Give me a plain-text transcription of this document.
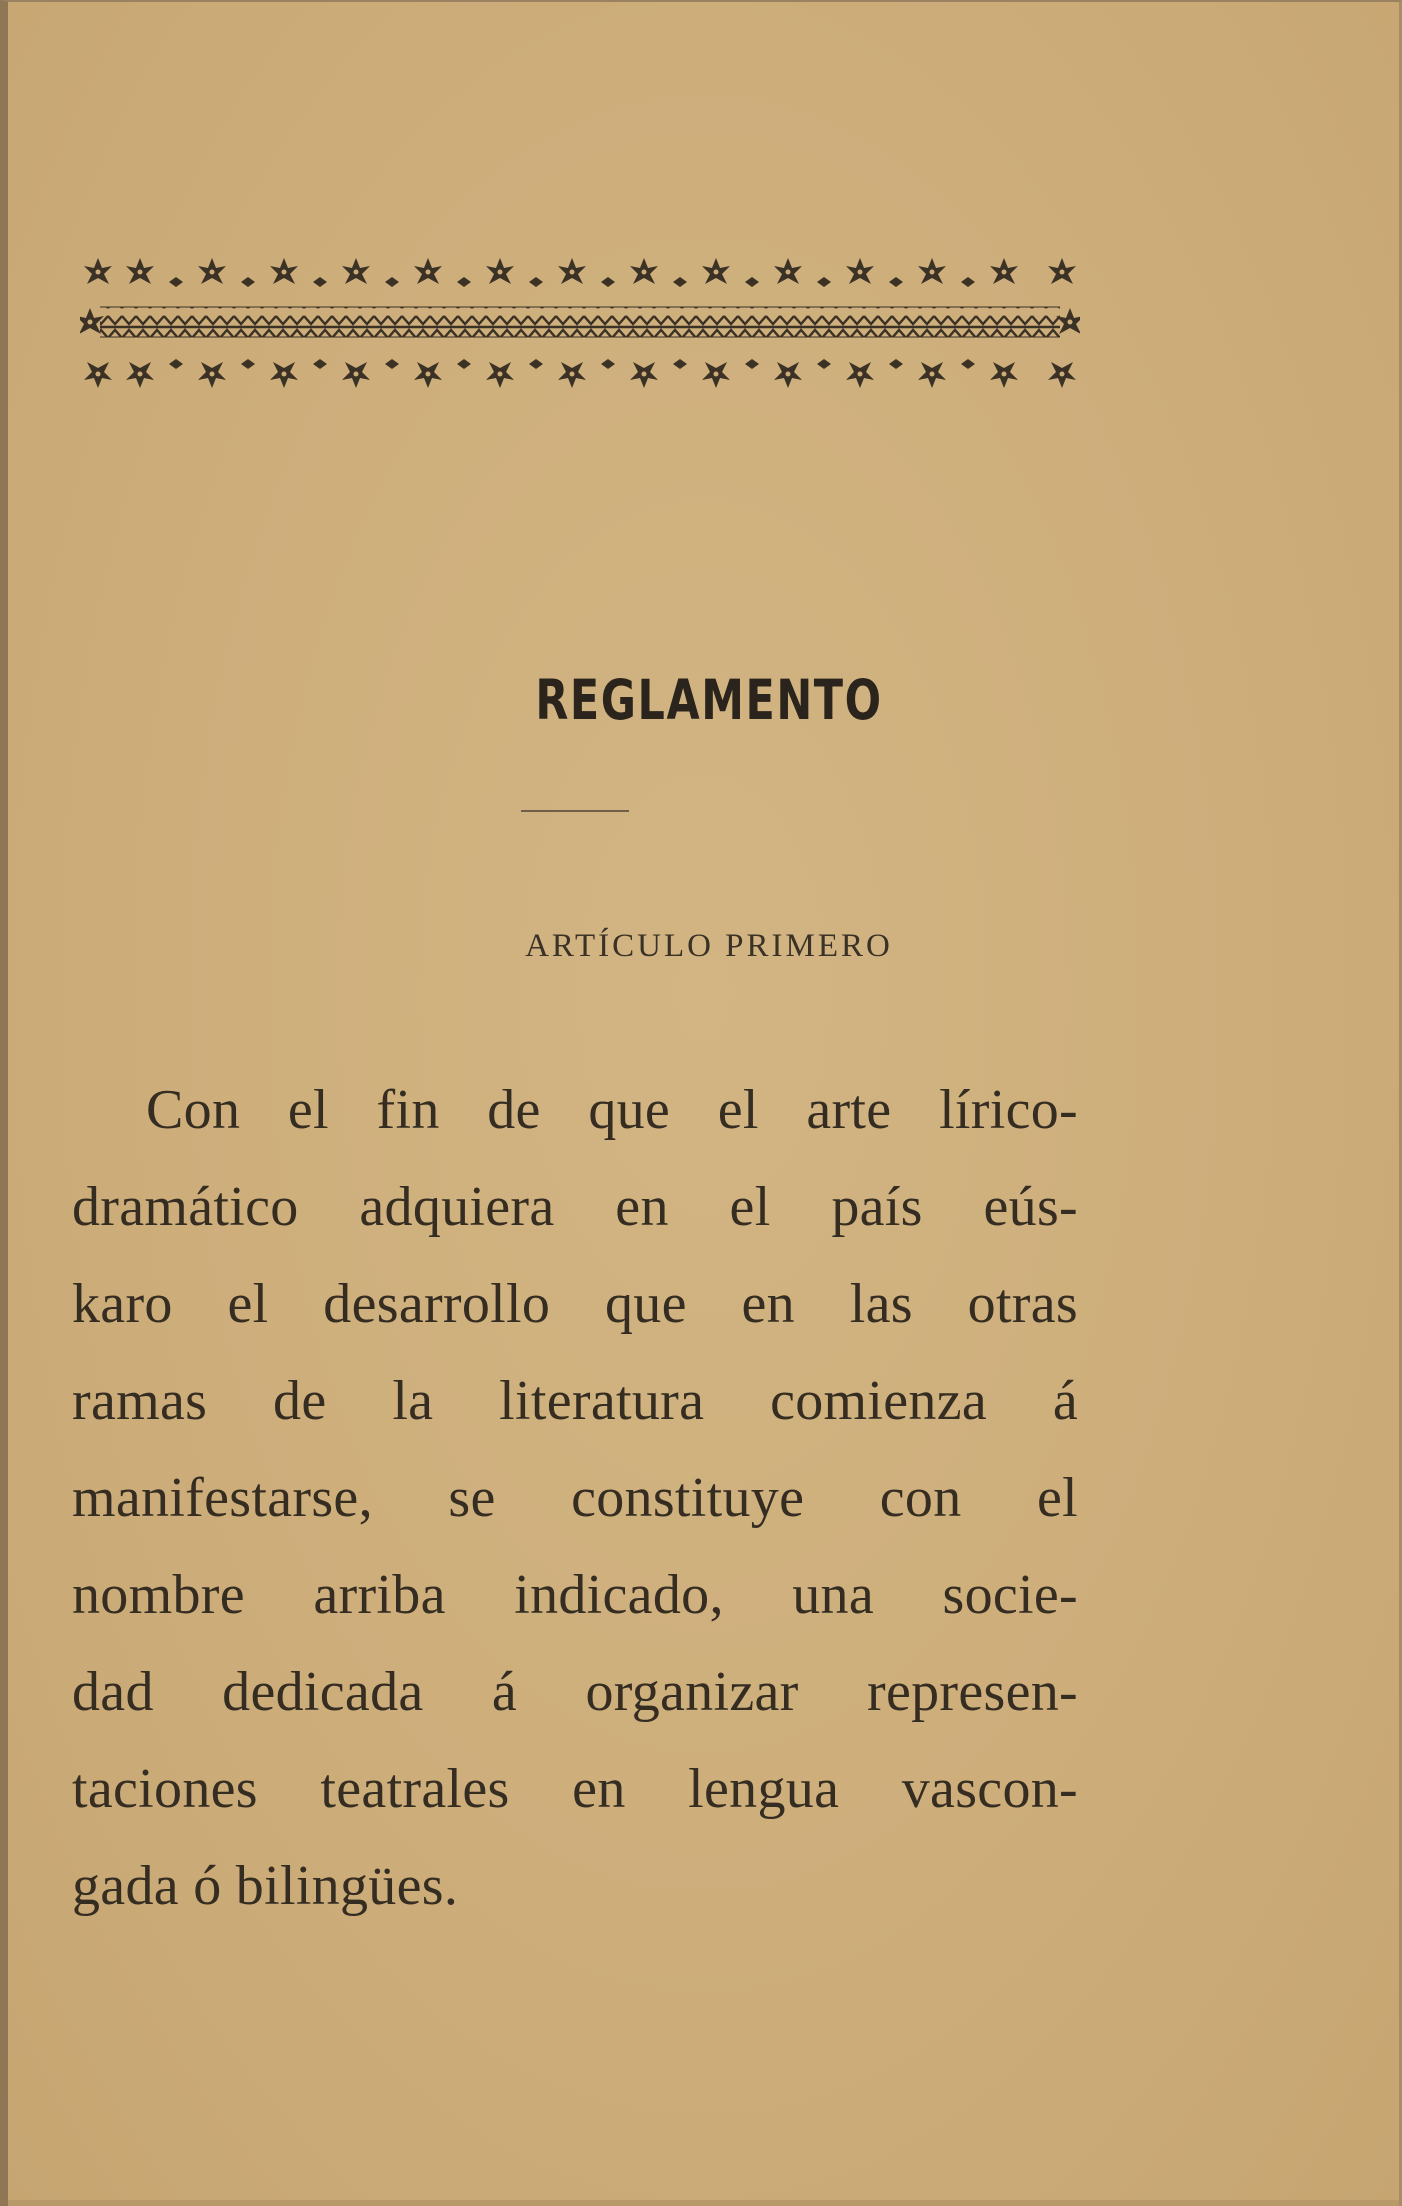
REGLAMENTO
ARTÍCULO PRIMERO

Con el fin de que el arte lírico-
dramático adquiera en el país eús-
karo el desarrollo que en las otras
ramas de la literatura comienza á
manifestarse, se constituye con el
nombre arriba indicado, una socie-
dad dedicada á organizar represen-
taciones teatrales en lengua vascon-
gada ó bilingües.
